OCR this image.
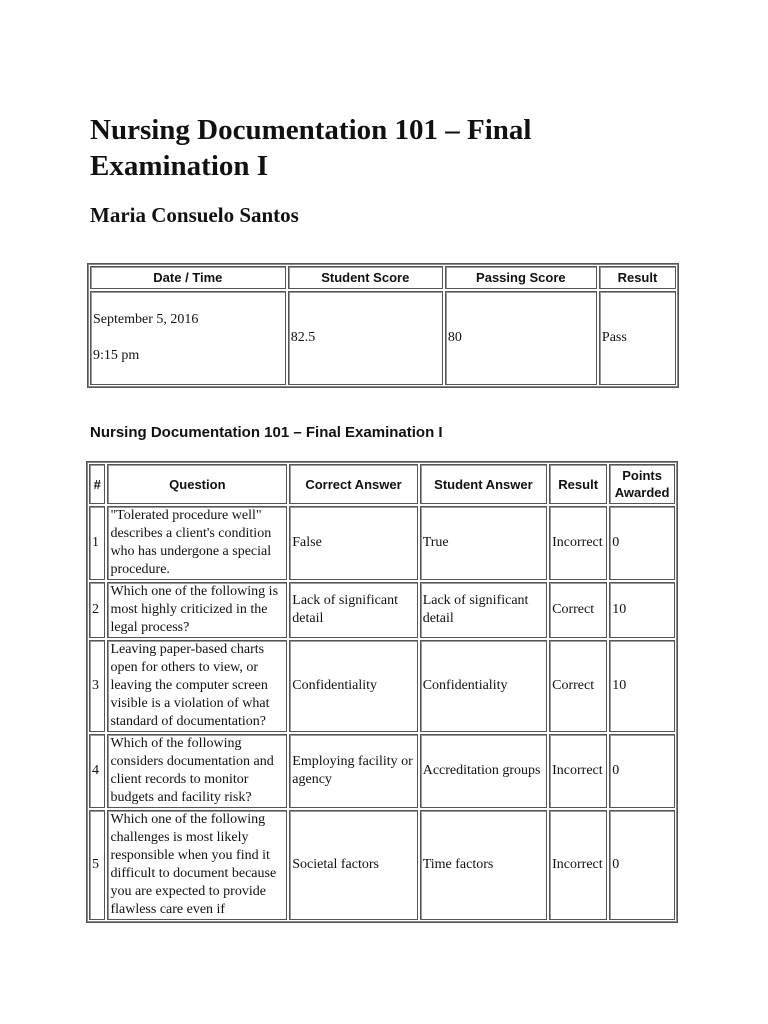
Nursing Documentation 101 – Final Examination I
Maria Consuelo Santos
Date / Time	Student Score	Passing Score	Result

September 5, 2016
9:15 pm	82.5	80	Pass
Nursing Documentation 101 – Final Examination I
#	Question	Correct Answer	Student Answer	Result	Points Awarded
1	"Tolerated procedure well" describes a client's condition who has undergone a special procedure.	False	True	Incorrect	0
2	Which one of the following is most highly criticized in the legal process?	Lack of significant detail	Lack of significant detail	Correct	10
3	Leaving paper-based charts open for others to view, or leaving the computer screen visible is a violation of what standard of documentation?	Confidentiality	Confidentiality	Correct	10
4	Which of the following considers documentation and client records to monitor budgets and facility risk?	Employing facility or agency	Accreditation groups	Incorrect	0
5	Which one of the following challenges is most likely responsible when you find it difficult to document because you are expected to provide flawless care even if	Societal factors	Time factors	Incorrect	0
